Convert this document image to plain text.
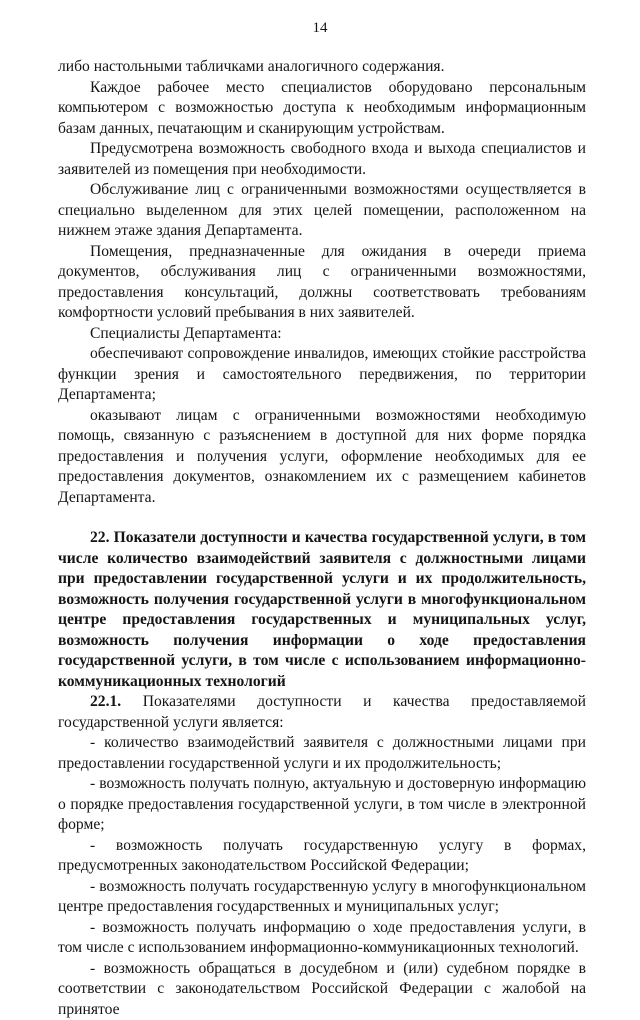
14

либо настольными табличками аналогичного содержания.

Каждое рабочее место специалистов оборудовано персональным компьютером с возможностью доступа к необходимым информационным базам данных, печатающим и сканирующим устройствам.

Предусмотрена возможность свободного входа и выхода специалистов и заявителей из помещения при необходимости.

Обслуживание лиц с ограниченными возможностями осуществляется в специально выделенном для этих целей помещении, расположенном на нижнем этаже здания Департамента.

Помещения, предназначенные для ожидания в очереди приема документов, обслуживания лиц с ограниченными возможностями, предоставления консультаций, должны соответствовать требованиям комфортности условий пребывания в них заявителей.

Специалисты Департамента:

обеспечивают сопровождение инвалидов, имеющих стойкие расстройства функции зрения и самостоятельного передвижения, по территории Департамента;

оказывают лицам с ограниченными возможностями необходимую помощь, связанную с разъяснением в доступной для них форме порядка предоставления и получения услуги, оформление необходимых для ее предоставления документов, ознакомлением их с размещением кабинетов Департамента.

22. Показатели доступности и качества государственной услуги, в том числе количество взаимодействий заявителя с должностными лицами при предоставлении государственной услуги и их продолжительность, возможность получения государственной услуги в многофункциональном центре предоставления государственных и муниципальных услуг, возможность получения информации о ходе предоставления государственной услуги, в том числе с использованием информационно-коммуникационных технологий

22.1. Показателями доступности и качества предоставляемой государственной услуги является:

- количество взаимодействий заявителя с должностными лицами при предоставлении государственной услуги и их продолжительность;

- возможность получать полную, актуальную и достоверную информацию о порядке предоставления государственной услуги, в том числе в электронной форме;

- возможность получать государственную услугу в формах, предусмотренных законодательством Российской Федерации;

- возможность получать государственную услугу в многофункциональном центре предоставления государственных и муниципальных услуг;

- возможность получать информацию о ходе предоставления услуги, в том числе с использованием информационно-коммуникационных технологий.

- возможность обращаться в досудебном и (или) судебном порядке в соответствии с законодательством Российской Федерации с жалобой на принятое
